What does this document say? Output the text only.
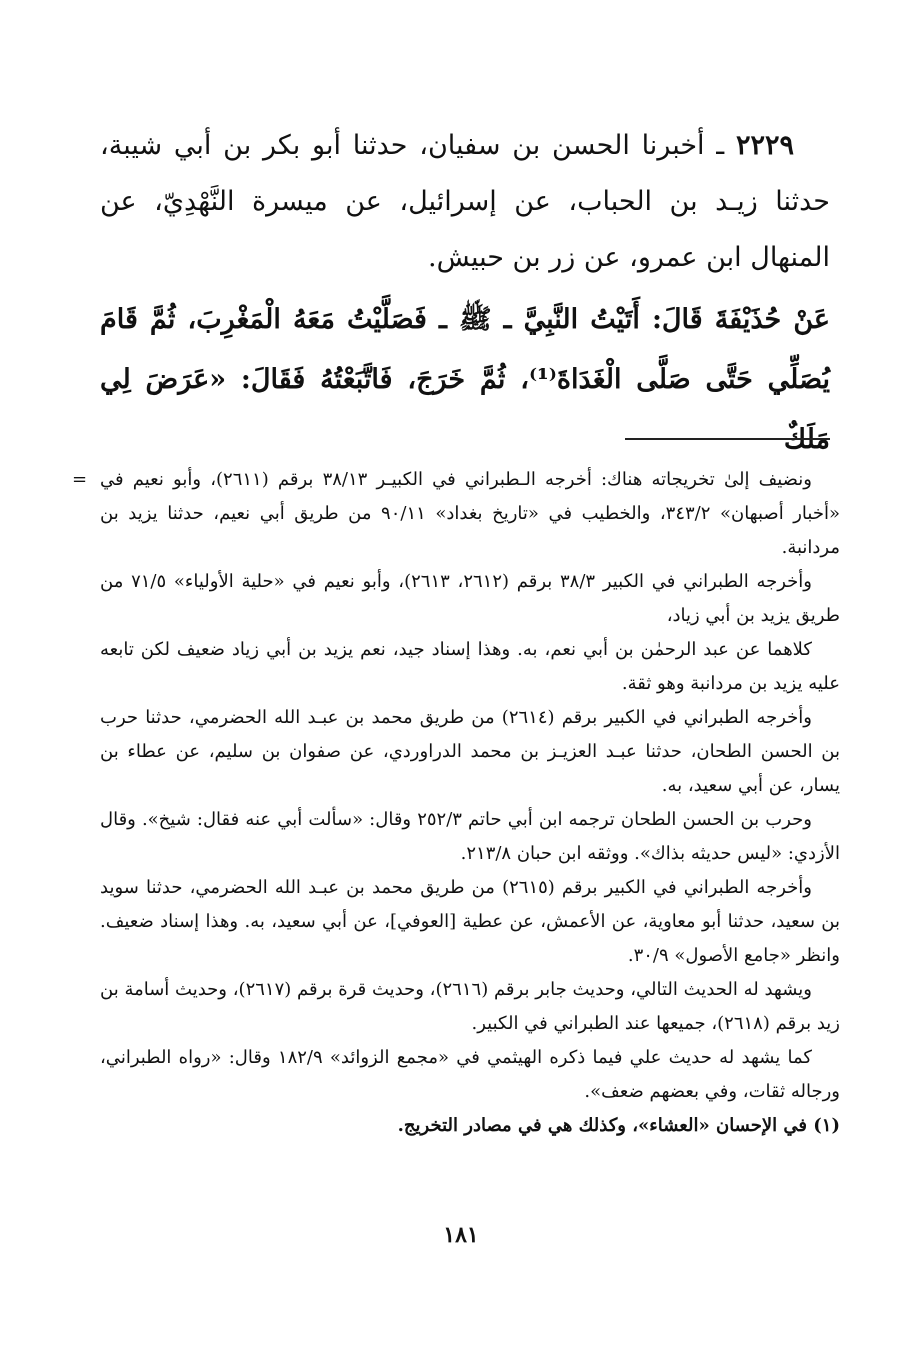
٢٢٢٩ ـ أخبرنا الحسن بن سفيان، حدثنا أبو بكر بن أبي شيبة، حدثنا زيـد بن الحباب، عن إسرائيل، عن ميسرة النَّهْدِيّ، عن المنهال ابن عمرو، عن زر بن حبيش.

عَنْ حُذَيْفَةَ قَالَ: أَتَيْتُ النَّبِيَّ ـ ﷺ ـ فَصَلَّيْتُ مَعَهُ الْمَغْرِبَ، ثُمَّ قَامَ يُصَلِّي حَتَّى صَلَّى الْغَدَاةَ⁽¹⁾، ثُمَّ خَرَجَ، فَاتَّبَعْتُهُ فَقَالَ: «عَرَضَ لِي مَلَكٌ

= ونضيف إلىٰ تخريجاته هناك: أخرجه الـطبراني في الكبيـر ٣٨/١٣ برقم (٢٦١١)، وأبو نعيم في «أخبار أصبهان» ٣٤٣/٢، والخطيب في «تاريخ بغداد» ٩٠/١١ من طريق أبي نعيم، حدثنا يزيد بن مردانبة.

وأخرجه الطبراني في الكبير ٣٨/٣ برقم (٢٦١٢، ٢٦١٣)، وأبو نعيم في «حلية الأولياء» ٧١/٥ من طريق يزيد بن أبي زياد،

كلاهما عن عبد الرحمٰن بن أبي نعم، به. وهذا إسناد جيد، نعم يزيد بن أبي زياد ضعيف لكن تابعه عليه يزيد بن مردانبة وهو ثقة.

وأخرجه الطبراني في الكبير برقم (٢٦١٤) من طريق محمد بن عبـد الله الحضرمي، حدثنا حرب بن الحسن الطحان، حدثنا عبـد العزيـز بن محمد الدراوردي، عن صفوان بن سليم، عن عطاء بن يسار، عن أبي سعيد، به.

وحرب بن الحسن الطحان ترجمه ابن أبي حاتم ٢٥٢/٣ وقال: «سألت أبي عنه فقال: شيخ». وقال الأزدي: «ليس حديثه بذاك». ووثقه ابن حبان ٢١٣/٨.

وأخرجه الطبراني في الكبير برقم (٢٦١٥) من طريق محمد بن عبـد الله الحضرمي، حدثنا سويد بن سعيد، حدثنا أبو معاوية، عن الأعمش، عن عطية [العوفي]، عن أبي سعيد، به. وهذا إسناد ضعيف. وانظر «جامع الأصول» ٣٠/٩.

ويشهد له الحديث التالي، وحديث جابر برقم (٢٦١٦)، وحديث قرة برقم (٢٦١٧)، وحديث أسامة بن زيد برقم (٢٦١٨)، جميعها عند الطبراني في الكبير.

كما يشهد له حديث علي فيما ذكره الهيثمي في «مجمع الزوائد» ١٨٢/٩ وقال: «رواه الطبراني، ورجاله ثقات، وفي بعضهم ضعف».

(١) في الإحسان «العشاء»، وكذلك هي في مصادر التخريج.

١٨١
